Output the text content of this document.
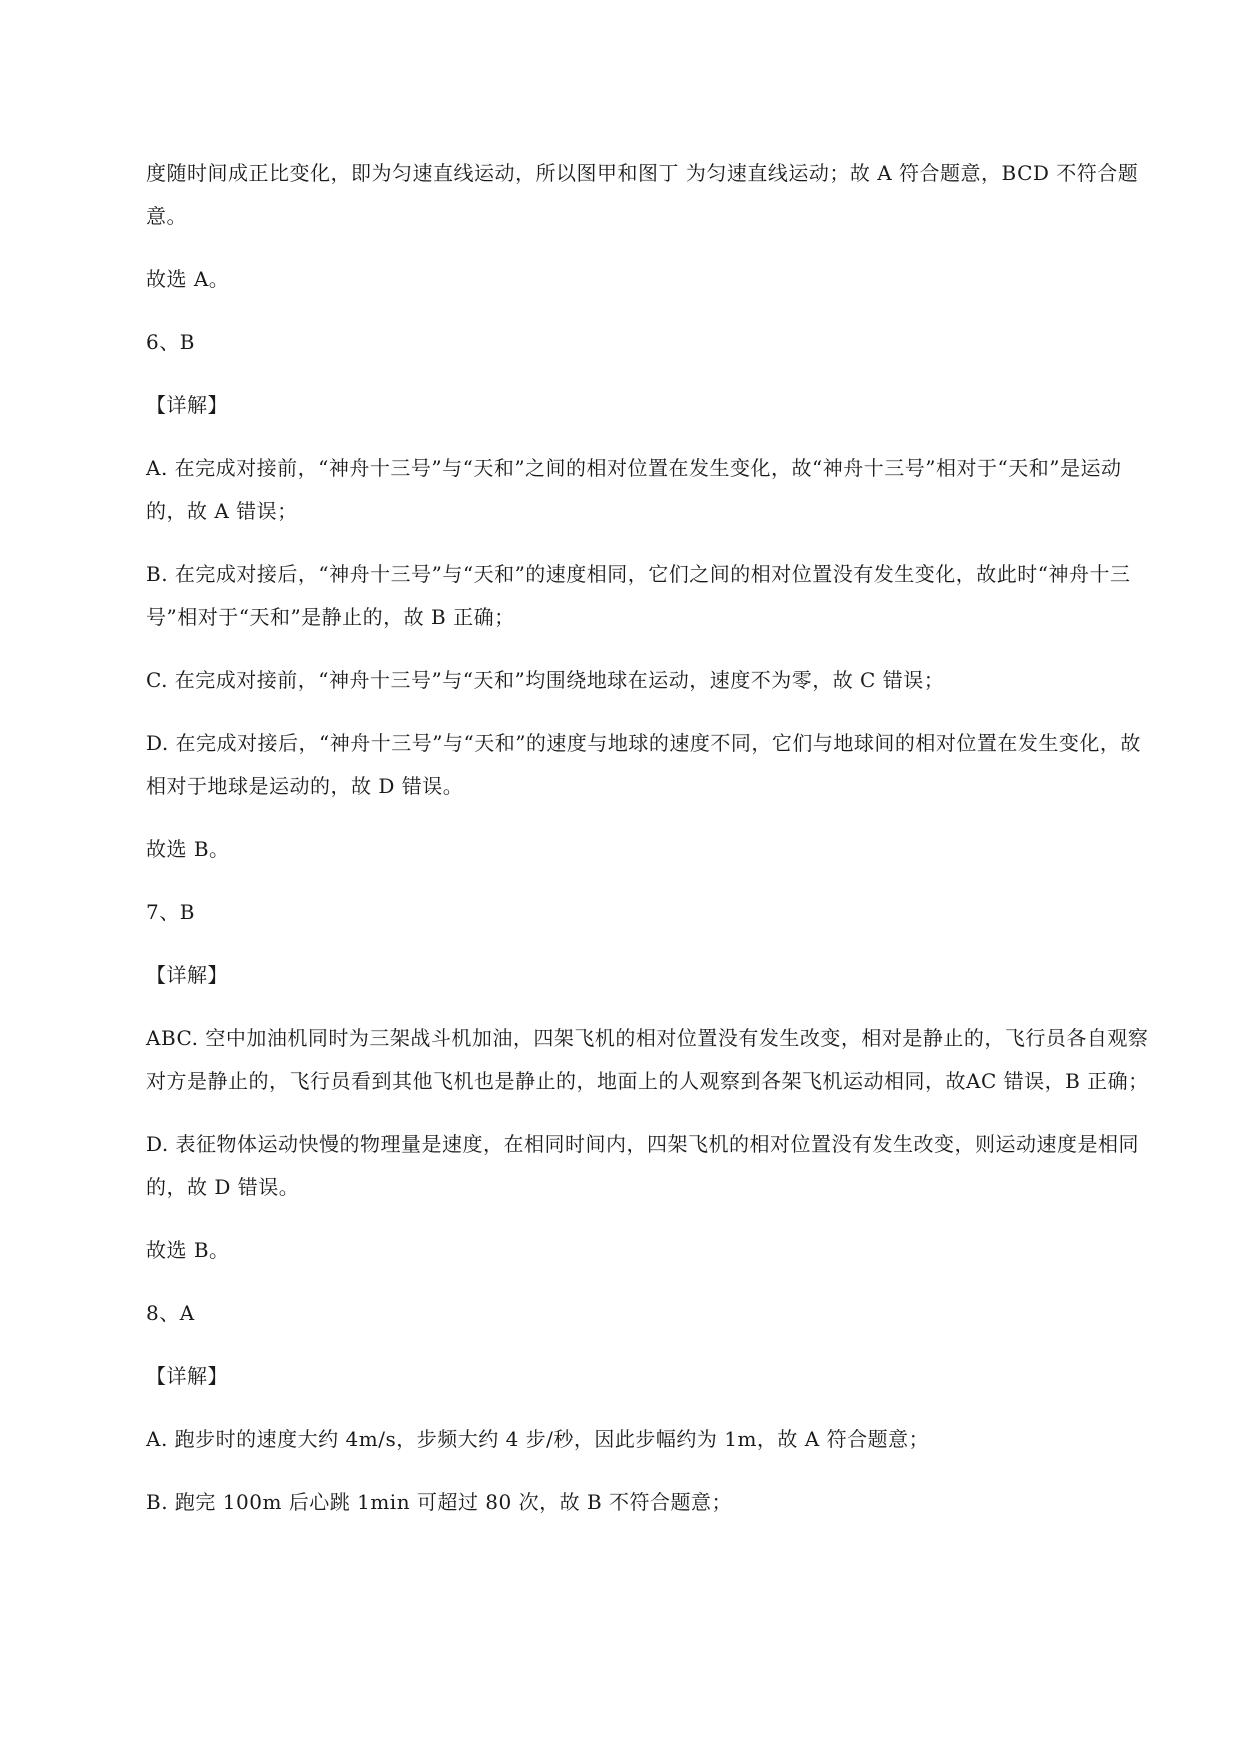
度随时间成正比变化，即为匀速直线运动，所以图甲和图丁 为匀速直线运动；故 A 符合题意，BCD 不符合题意。

故选 A。

6、B

【详解】

A. 在完成对接前，“神舟十三号”与“天和”之间的相对位置在发生变化，故“神舟十三号”相对于“天和”是运动的，故 A 错误；

B. 在完成对接后，“神舟十三号”与“天和”的速度相同，它们之间的相对位置没有发生变化，故此时“神舟十三号”相对于“天和”是静止的，故 B 正确；

C. 在完成对接前，“神舟十三号”与“天和”均围绕地球在运动，速度不为零，故 C 错误；

D. 在完成对接后，“神舟十三号”与“天和”的速度与地球的速度不同，它们与地球间的相对位置在发生变化，故相对于地球是运动的，故 D 错误。

故选 B。

7、B

【详解】

ABC. 空中加油机同时为三架战斗机加油，四架飞机的相对位置没有发生改变，相对是静止的，飞行员各自观察对方是静止的，飞行员看到其他飞机也是静止的，地面上的人观察到各架飞机运动相同，故AC 错误，B 正确；

D. 表征物体运动快慢的物理量是速度，在相同时间内，四架飞机的相对位置没有发生改变，则运动速度是相同的，故 D 错误。

故选 B。

8、A

【详解】

A. 跑步时的速度大约 4m/s，步频大约 4 步/秒，因此步幅约为 1m，故 A 符合题意；

B. 跑完 100m 后心跳 1min 可超过 80 次，故 B 不符合题意；
